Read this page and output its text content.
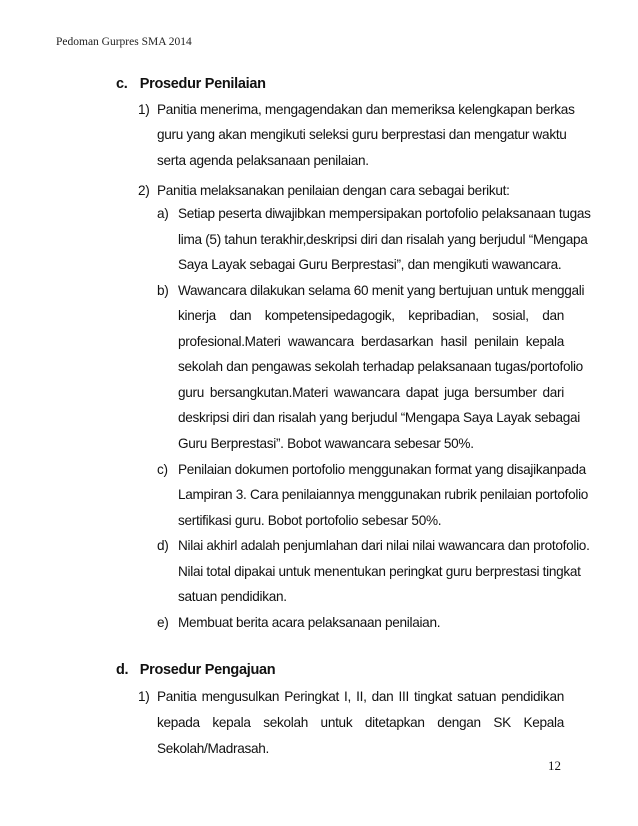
Pedoman Gurpres SMA 2014
c. Prosedur Penilaian
1) Panitia menerima, mengagendakan dan memeriksa kelengkapan berkas
guru yang akan mengikuti seleksi guru berprestasi dan mengatur waktu
serta agenda pelaksanaan penilaian.
2) Panitia melaksanakan penilaian dengan cara sebagai berikut:
a) Setiap peserta diwajibkan mempersipakan portofolio pelaksanaan tugas
lima (5) tahun terakhir,deskripsi diri dan risalah yang berjudul “Mengapa
Saya Layak sebagai Guru Berprestasi”, dan mengikuti wawancara.
b) Wawancara dilakukan selama 60 menit yang bertujuan untuk menggali
kinerja dan kompetensipedagogik, kepribadian, sosial, dan
profesional.Materi wawancara berdasarkan hasil penilain kepala
sekolah dan pengawas sekolah terhadap pelaksanaan tugas/portofolio
guru bersangkutan.Materi wawancara dapat juga bersumber dari
deskripsi diri dan risalah yang berjudul “Mengapa Saya Layak sebagai
Guru Berprestasi”. Bobot wawancara sebesar 50%.
c) Penilaian dokumen portofolio menggunakan format yang disajikanpada
Lampiran 3. Cara penilaiannya menggunakan rubrik penilaian portofolio
sertifikasi guru. Bobot portofolio sebesar 50%.
d) Nilai akhirl adalah penjumlahan dari nilai nilai wawancara dan protofolio.
Nilai total dipakai untuk menentukan peringkat guru berprestasi tingkat
satuan pendidikan.
e) Membuat berita acara pelaksanaan penilaian.
d. Prosedur Pengajuan
1) Panitia mengusulkan Peringkat I, II, dan III tingkat satuan pendidikan
kepada kepala sekolah untuk ditetapkan dengan SK Kepala
Sekolah/Madrasah.
12
